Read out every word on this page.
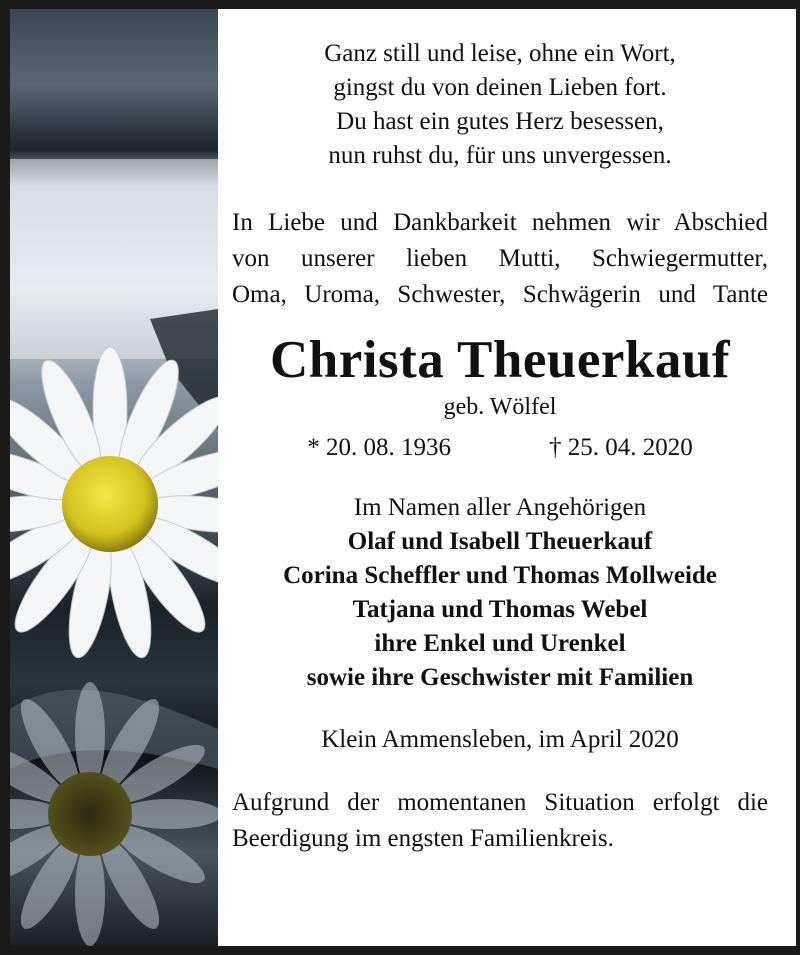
Ganz still und leise, ohne ein Wort,
gingst du von deinen Lieben fort.
Du hast ein gutes Herz besessen,
nun ruhst du, für uns unvergessen.
In Liebe und Dankbarkeit nehmen wir Abschied
von unserer lieben Mutti, Schwiegermutter,
Oma, Uroma, Schwester, Schwägerin und Tante
Christa Theuerkauf
geb. Wölfel
* 20. 08. 1936	† 25. 04. 2020
Im Namen aller Angehörigen
Olaf und Isabell Theuerkauf
Corina Scheffler und Thomas Mollweide
Tatjana und Thomas Webel
ihre Enkel und Urenkel
sowie ihre Geschwister mit Familien
Klein Ammensleben, im April 2020
Aufgrund der momentanen Situation erfolgt die
Beerdigung im engsten Familienkreis.
